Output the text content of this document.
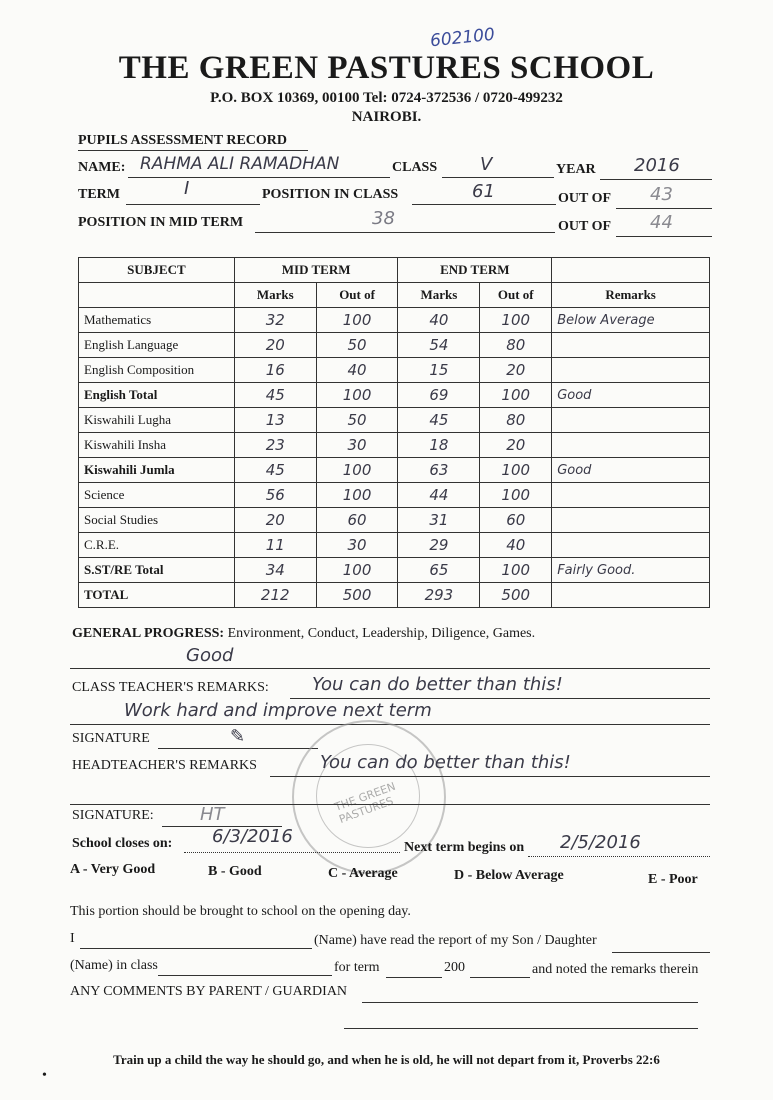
602100
THE GREEN PASTURES SCHOOL
P.O. BOX 10369, 00100 Tel: 0724-372536 / 0720-499232
NAIROBI.
PUPILS ASSESSMENT RECORD
NAME: RAHMA ALI RAMADHAN	CLASS V	YEAR 2016
TERM	I	POSITION IN CLASS	61	OUT OF 43
POSITION IN MID TERM	38	OUT OF 44
SUBJECT	MID TERM		END TERM		
	Marks	Out of	Marks	Out of	Remarks
Mathematics	32	100	40	100	Below Average
English Language	20	50	54	80	
English Composition	16	40	15	20	
English Total	45	100	69	100	Good
Kiswahili Lugha	13	50	45	80	
Kiswahili Insha	23	30	18	20	
Kiswahili Jumla	45	100	63	100	Good
Science	56	100	44	100	
Social Studies	20	60	31	60	
C.R.E.	11	30	29	40	
S.ST/RE Total	34	100	65	100	Fairly Good.
TOTAL	212	500	293	500	
GENERAL PROGRESS: Environment, Conduct, Leadership, Diligence, Games.
Good
CLASS TEACHER'S REMARKS: You can do better than this!
Work hard and improve next term
SIGNATURE	✎
THE GREEN PASTURES
HEADTEACHER'S REMARKS	You can do better than this!
SIGNATURE:	HT
School closes on: 6/3/2016
Next term begins on 2/5/2016
A - Very Good	B - Good	C - Average	D - Below Average	E - Poor
This portion should be brought to school on the opening day.
I	(Name) have read the report of my Son / Daughter
(Name) in class	for term	200	and noted the remarks therein
ANY COMMENTS BY PARENT / GUARDIAN
Train up a child the way he should go, and when he is old, he will not depart from it, Proverbs 22:6
•
